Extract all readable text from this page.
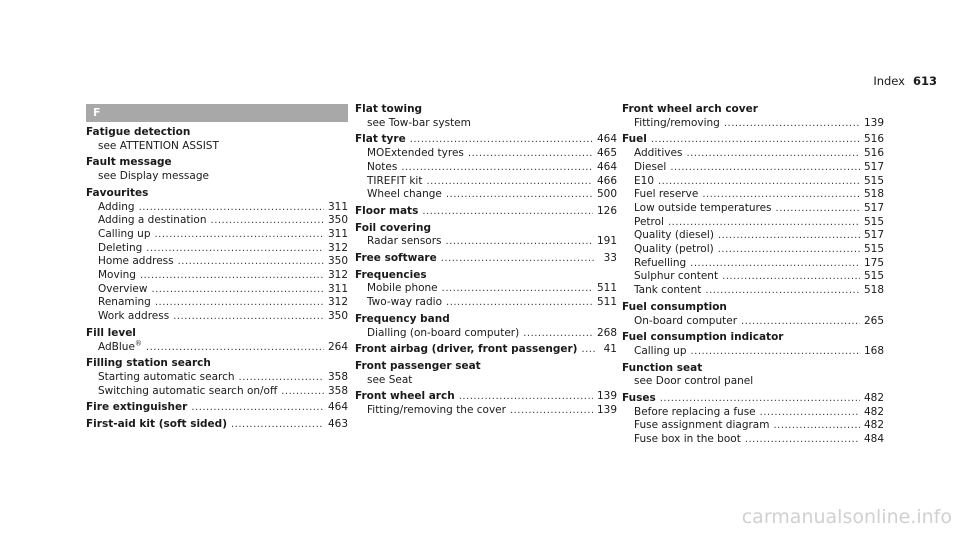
Index 613
F
Fatigue detection
see ATTENTION ASSIST
Fault message
see Display message
Favourites
Adding .....	311
Adding a destination .....	350
Calling up .....	311
Deleting .....	312
Home address .....	350
Moving .....	312
Overview .....	311
Renaming .....	312
Work address .....	350
Fill level
AdBlue® .....	264
Filling station search
Starting automatic search .....	358
Switching automatic search on/off .....	358
Fire extinguisher .....	464
First-aid kit (soft sided) .....	463
Flat towing
see Tow-bar system
Flat tyre .....	464
MOExtended tyres .....	465
Notes .....	464
TIREFIT kit .....	466
Wheel change .....	500
Floor mats .....	126
Foil covering
Radar sensors .....	191
Free software .....	33
Frequencies
Mobile phone .....	511
Two-way radio .....	511
Frequency band
Dialling (on-board computer) .....	268
Front airbag (driver, front passenger) .....	41
Front passenger seat
see Seat
Front wheel arch .....	139
Fitting/removing the cover .....	139
Front wheel arch cover
Fitting/removing .....	139
Fuel .....	516
Additives .....	516
Diesel .....	517
E10 .....	515
Fuel reserve .....	518
Low outside temperatures .....	517
Petrol .....	515
Quality (diesel) .....	517
Quality (petrol) .....	515
Refuelling .....	175
Sulphur content .....	515
Tank content .....	518
Fuel consumption
On-board computer .....	265
Fuel consumption indicator
Calling up .....	168
Function seat
see Door control panel
Fuses .....	482
Before replacing a fuse .....	482
Fuse assignment diagram .....	482
Fuse box in the boot .....	484
carmanualsonline.info
